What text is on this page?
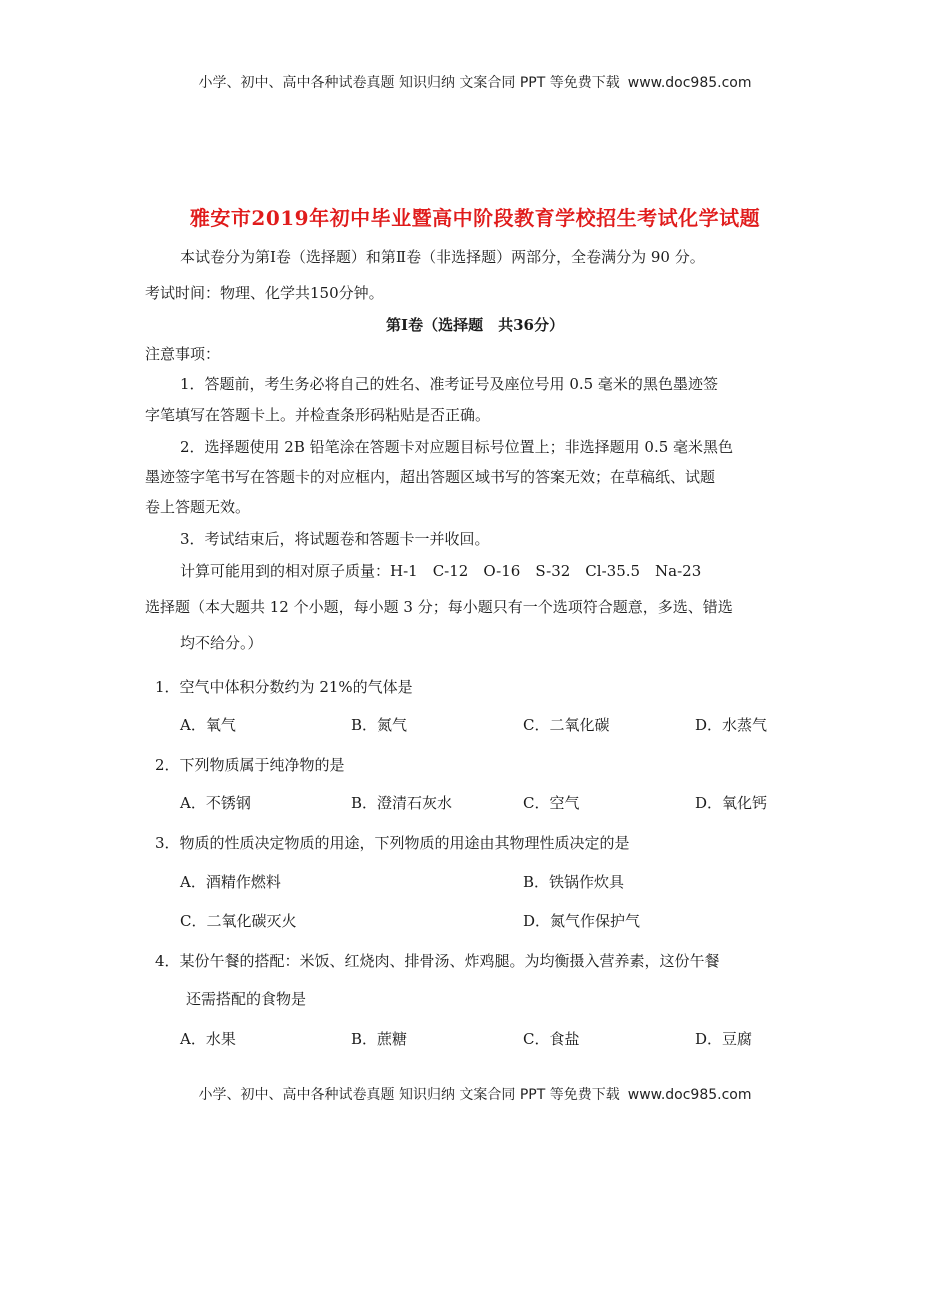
小学、初中、高中各种试卷真题 知识归纳 文案合同 PPT 等免费下载 www.doc985.com
雅安市2019年初中毕业暨高中阶段教育学校招生考试化学试题
本试卷分为第Ⅰ卷（选择题）和第Ⅱ卷（非选择题）两部分，全卷满分为 90 分。
考试时间：物理、化学共150分钟。
第Ⅰ卷（选择题　共36分）
注意事项：
1．答题前，考生务必将自己的姓名、准考证号及座位号用 0.5 毫米的黑色墨迹签
字笔填写在答题卡上。并检查条形码粘贴是否正确。
2．选择题使用 2B 铅笔涂在答题卡对应题目标号位置上；非选择题用 0.5 毫米黑色
墨迹签字笔书写在答题卡的对应框内，超出答题区域书写的答案无效；在草稿纸、试题
卷上答题无效。
3．考试结束后，将试题卷和答题卡一并收回。
计算可能用到的相对原子质量：H-1　C-12　O-16　S-32　Cl-35.5　Na-23
选择题（本大题共 12 个小题，每小题 3 分；每小题只有一个选项符合题意，多选、错选
均不给分。）
1．空气中体积分数约为 21%的气体是
A．氧气	B．氮气	C．二氧化碳	D．水蒸气
2．下列物质属于纯净物的是
A．不锈钢	B．澄清石灰水	C．空气	D．氧化钙
3．物质的性质决定物质的用途，下列物质的用途由其物理性质决定的是
A．酒精作燃料	B．铁锅作炊具
C．二氧化碳灭火	D．氮气作保护气
4．某份午餐的搭配：米饭、红烧肉、排骨汤、炸鸡腿。为均衡摄入营养素，这份午餐
还需搭配的食物是
A．水果	B．蔗糖	C．食盐	D．豆腐
小学、初中、高中各种试卷真题 知识归纳 文案合同 PPT 等免费下载 www.doc985.com
